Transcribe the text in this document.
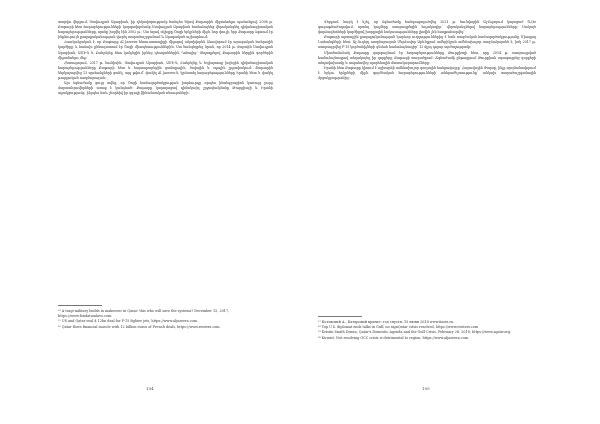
տարվա վերջում, Սավուդյան Արաբիան, իր ղեկավարությամբ հանդես եկավ Քաթարին միջամտելու պահանջով։ 2008 թ. Քաթարի հետ հարաբերությունների կարգավորմամբ Սավուդյան Արաբիան համաձայնեց վերականգնել դիվանագիտական հարաբերությունները, որոնք խզվել էին 2002 թ.: Սա եղավ սկիզբը Ծոցի երկրների միջև նոր փուլի, երբ Քաթարը ձգտում էր ինքնուրույն քաղաքականություն վարել տարածաշրջանում և Արաբական աշխարհում։

Հատկանշական է, որ Քաթարը Al Jazeera հեռուստաալիքի միջոցով ակտիվորեն ձևավորում էր արաբական հանրային կարծիքը և հաճախ քննադատում էր Ծոցի միապետություններին։ Սա հանգեցրեց նրան, որ 2014 թ. մարտին Սավուդյան Արաբիան, ԱՄԷ-ն և Բահրեյնը հետ կանչեցին իրենց դեսպաններին Դոհայից՝ մեղադրելով Քաթարին ներքին գործերին միջամտելու մեջ։

Հետագայում, 2017 թ. հունիսին, Սավուդյան Արաբիան, ԱՄԷ-ն, Բահրեյնը և Եգիպտոսը խզեցին դիվանագիտական հարաբերությունները Քաթարի հետ և հայտարարեցին ցամաքային, ծովային և օդային շրջափակում։ Քաթարին ներկայացվեց 13 պահանջների ցանկ, այդ թվում՝ փակել Al Jazeera-ն, կրճատել հարաբերությունները Իրանի հետ և փակել թուրքական ռազմաբազան։

Այս ճգնաժամը ցույց տվեց, որ Ծոցի համագործակցության խորհուրդը որպես ինտեգրացիոն կառույց լուրջ մարտահրավերների առաջ է կանգնած։ Քաթարը կարողացավ դիմակայել շրջափակմանը Թուրքիայի և Իրանի աջակցությամբ, ինչպես նաև շնորհիվ իր զգալի ֆինանսական ռեսուրսների։

¹⁴ A tragi-military builds in makeover in Qatar: this who will save the systems? December 15, 2017, https://www.fondationlavo.com.
¹⁵ US and Qatar seal $ 12bn deal for F-15 fighter jets, https://www.aljazeera.com.
¹⁶ Qatar flows financial muscle with 12 billion euros of French deals, https://www.reuters.com.
194

Վերջում, հարկ է նշել, որ ճգնաժամը հանգուցալուծվեց 2021 թ. հունվարին Ալ-Ուլայում կայացած ԾՀԽ գագաթնաժողովում, որտեղ կողմերը ստորագրեցին հռչակագիր՝ վերականգնելով հարաբերությունները։ Սակայն փորձագետների կարծիքով խորքային հակասությունները լիովին չեն հաղթահարվել։

Քաթարի արտաքին քաղաքականության կարևոր ուղղություններից է նաև ռազմական համագործակցությունը Միացյալ Նահանգների հետ։ Ալ-Ուդեյդ ռազմաբազան Մերձավոր Արևելքում ամերիկյան ամենախոշոր ռազմակայանն է, իսկ 2017 թ. ստորագրվեց F-15 կործանիչների գնման համաձայնագիր՝ 12 մլրդ դոլար արժողությամբ։

Միաժամանակ Քաթարը զարգացնում էր հարաբերությունները Թուրքիայի հետ, որը 2014 թ. ստորագրված համաձայնագրով տեղակայեց իր զորքերը Քաթարի տարածքում։ Ճգնաժամի ընթացքում Թուրքիան արագացրեց զորքերի տեղափոխումը և ապահովեց պարենային մատակարարումները։

Իրանի հետ Քաթարը կիսում է աշխարհի ամենախոշոր գազային հանքավայրը՝ Հարավային Փարսը, ինչը պայմանավորում է երկու երկրների միջև գործնական հարաբերությունների անհրաժեշտությունը՝ անկախ տարածաշրջանային մրցակցությունից։

¹⁷ Котовский А., Катарский кризис: год спустя, 15 июня 2018 www.iimes.ru.
¹⁸ Top U.S. diplomat ends talks in Gulf, no signQatar crisis resolved, https://www.reuters.com
¹⁹ Kristin Smith Diwan, Qatar's Domestic Agenda and the Gulf Crisis, February 28, 2018, https://www.agsiw.org.
²⁰ Kuwait: Not resolving GCC crisis is detrimental to region, https://www.aljazeera.com.
195
